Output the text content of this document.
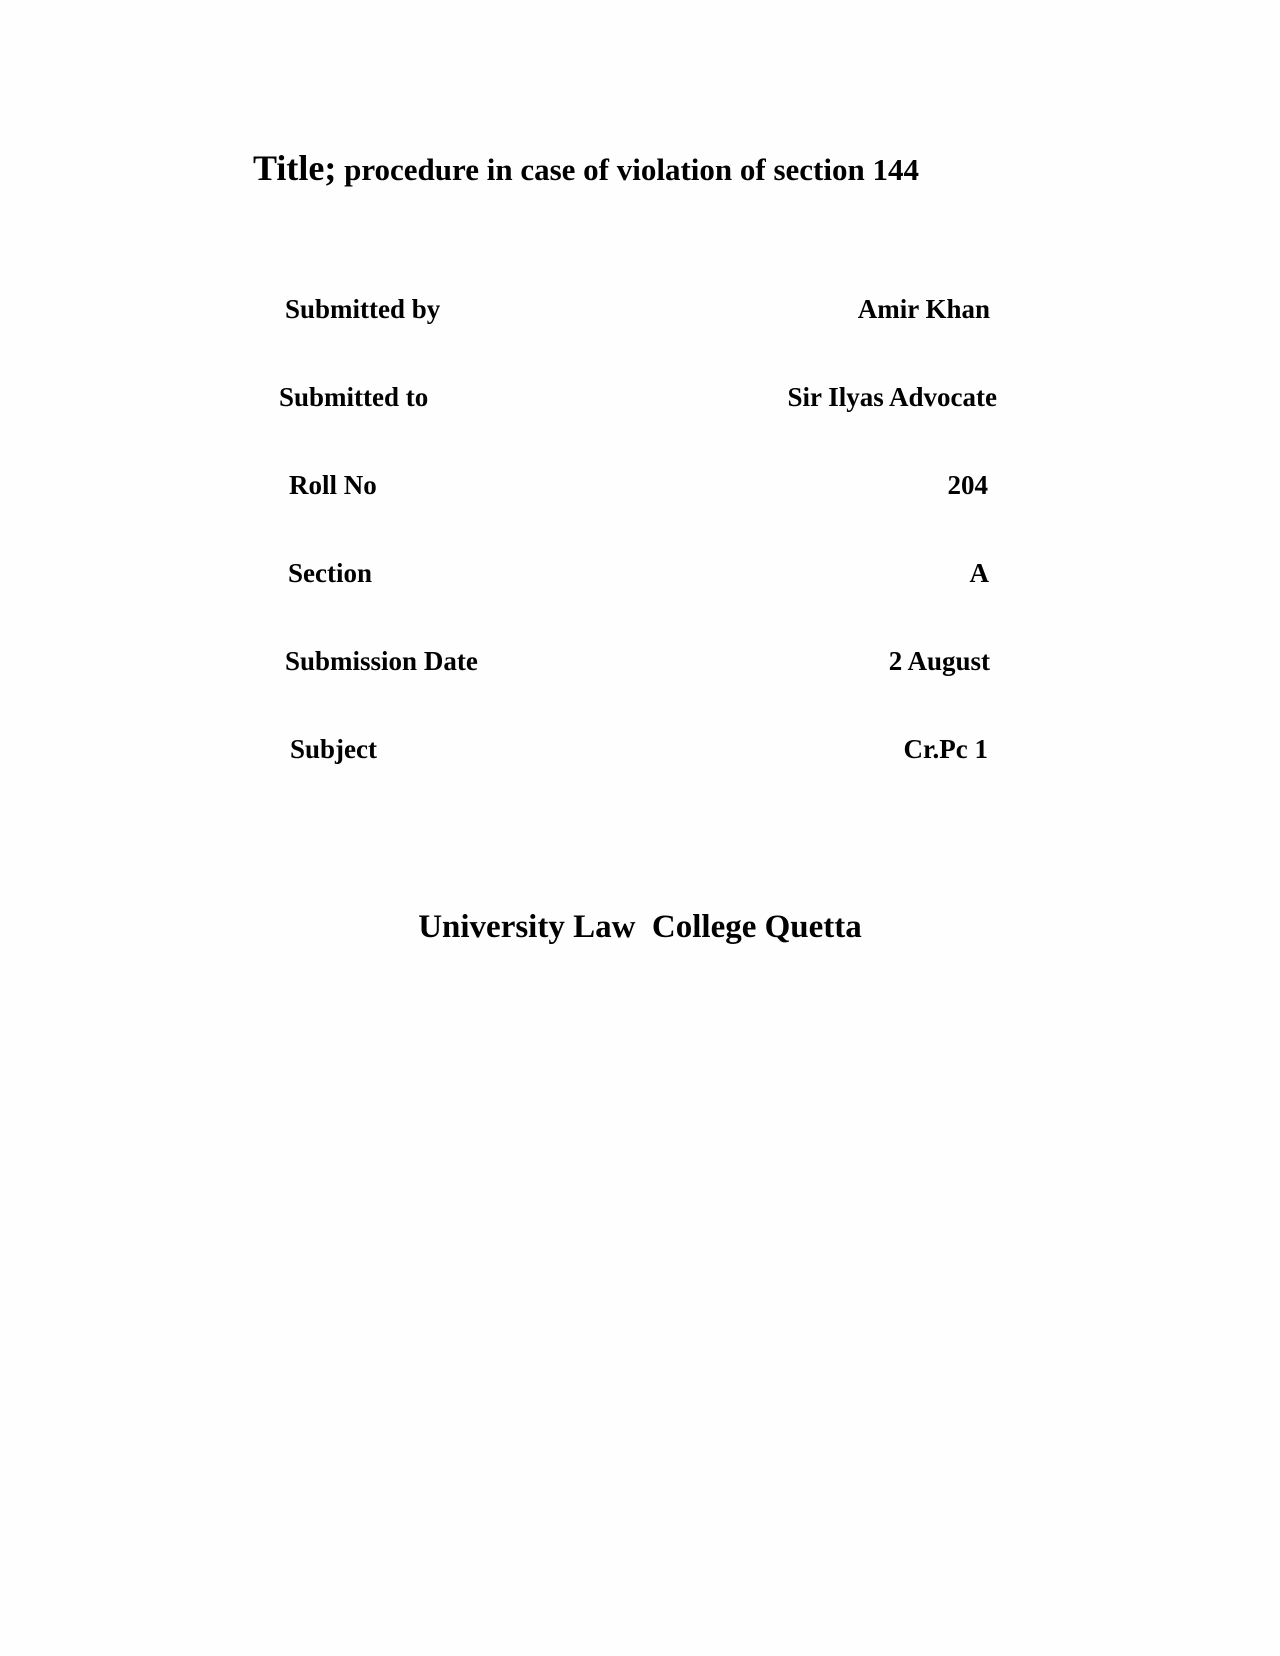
Title; procedure in case of violation of section 144
Submitted by	Amir Khan
Submitted to	Sir Ilyas Advocate
Roll No	204
Section	A
Submission Date	2 August
Subject	Cr.Pc 1
University Law  College Quetta
